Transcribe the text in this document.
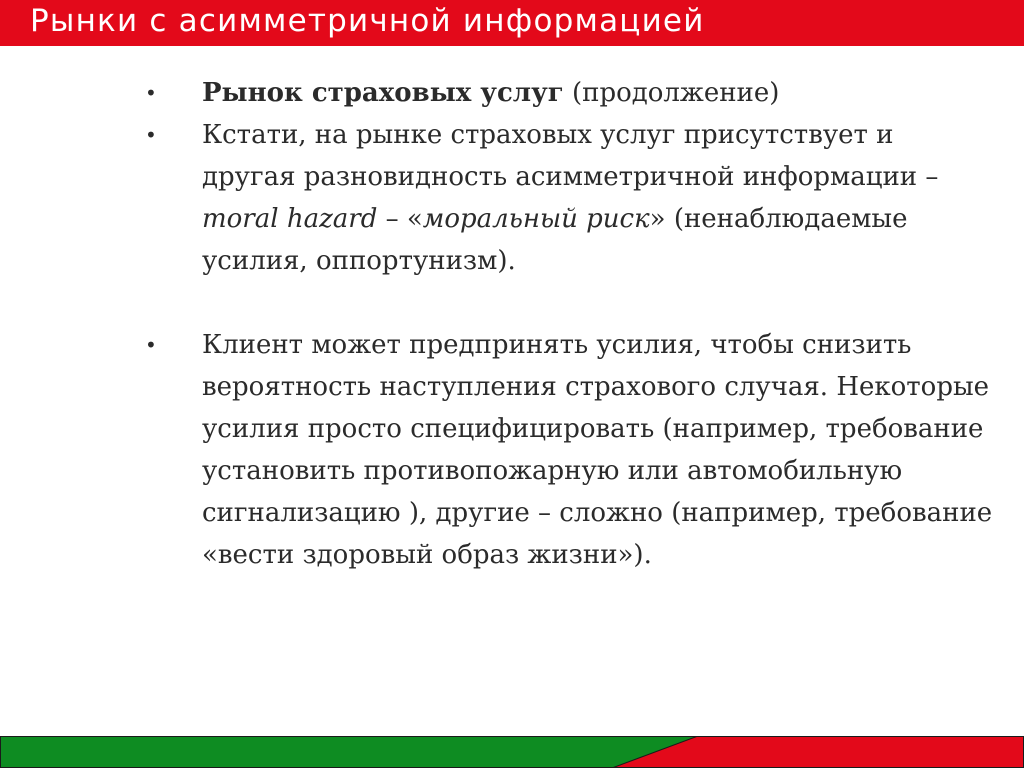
Рынки с асимметричной информацией
•	Рынок страховых услуг (продолжение)
•	Кстати, на рынке страховых услуг присутствует и другая разновидность асимметричной информации – moral hazard – «моральный риск» (ненаблюдаемые усилия, оппортунизм).
•	Клиент может предпринять усилия, чтобы снизить вероятность наступления страхового случая. Некоторые усилия просто специфицировать (например, требование установить противопожарную или автомобильную сигнализацию ), другие – сложно (например, требование «вести здоровый образ жизни»).
